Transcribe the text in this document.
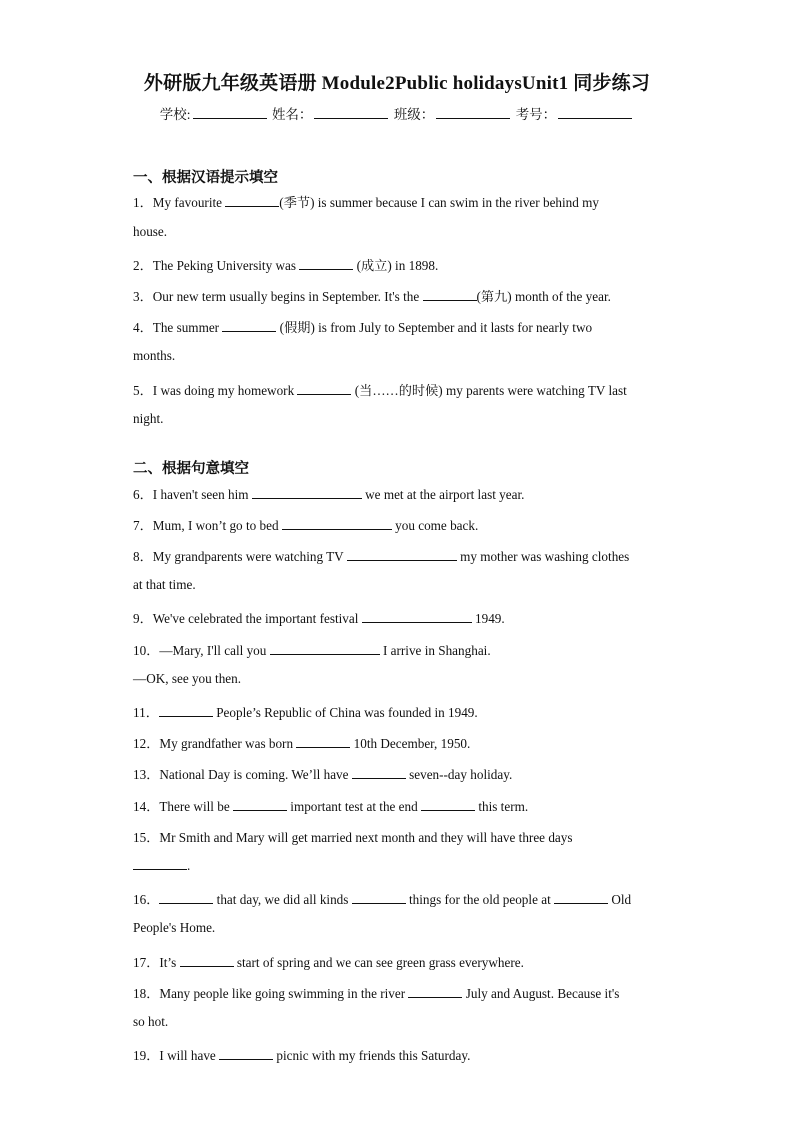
外研版九年级英语册 Module2Public holidaysUnit1 同步练习
学校:	姓名：	班级：	考号：
一、根据汉语提示填空
1．My favourite	(季节) is summer because I can swim in the river behind my
house.
2．The Peking University was	(成立) in 1898.
3．Our new term usually begins in September. It's the	(第九) month of the year.
4．The summer	(假期) is from July to September and it lasts for nearly two
months.
5．I was doing my homework	(当……的时候) my parents were watching TV last
night.
二、根据句意填空
6．I haven't seen him	we met at the airport last year.
7．Mum, I won’t go to bed	you come back.
8．My grandparents were watching TV	my mother was washing clothes
at that time.
9．We've celebrated the important festival	1949.
10．—Mary, I'll call you	I arrive in Shanghai.
—OK, see you then.
11．	People’s Republic of China was founded in 1949.
12．My grandfather was born	10th December, 1950.
13．National Day is coming. We’ll have	seven--day holiday.
14．There will be	important test at the end	this term.
15．Mr Smith and Mary will get married next month and they will have three days
.
16．	that day, we did all kinds	things for the old people at	Old
People's Home.
17．It’s	start of spring and we can see green grass everywhere.
18．Many people like going swimming in the river	July and August. Because it's
so hot.
19．I will have	picnic with my friends this Saturday.
